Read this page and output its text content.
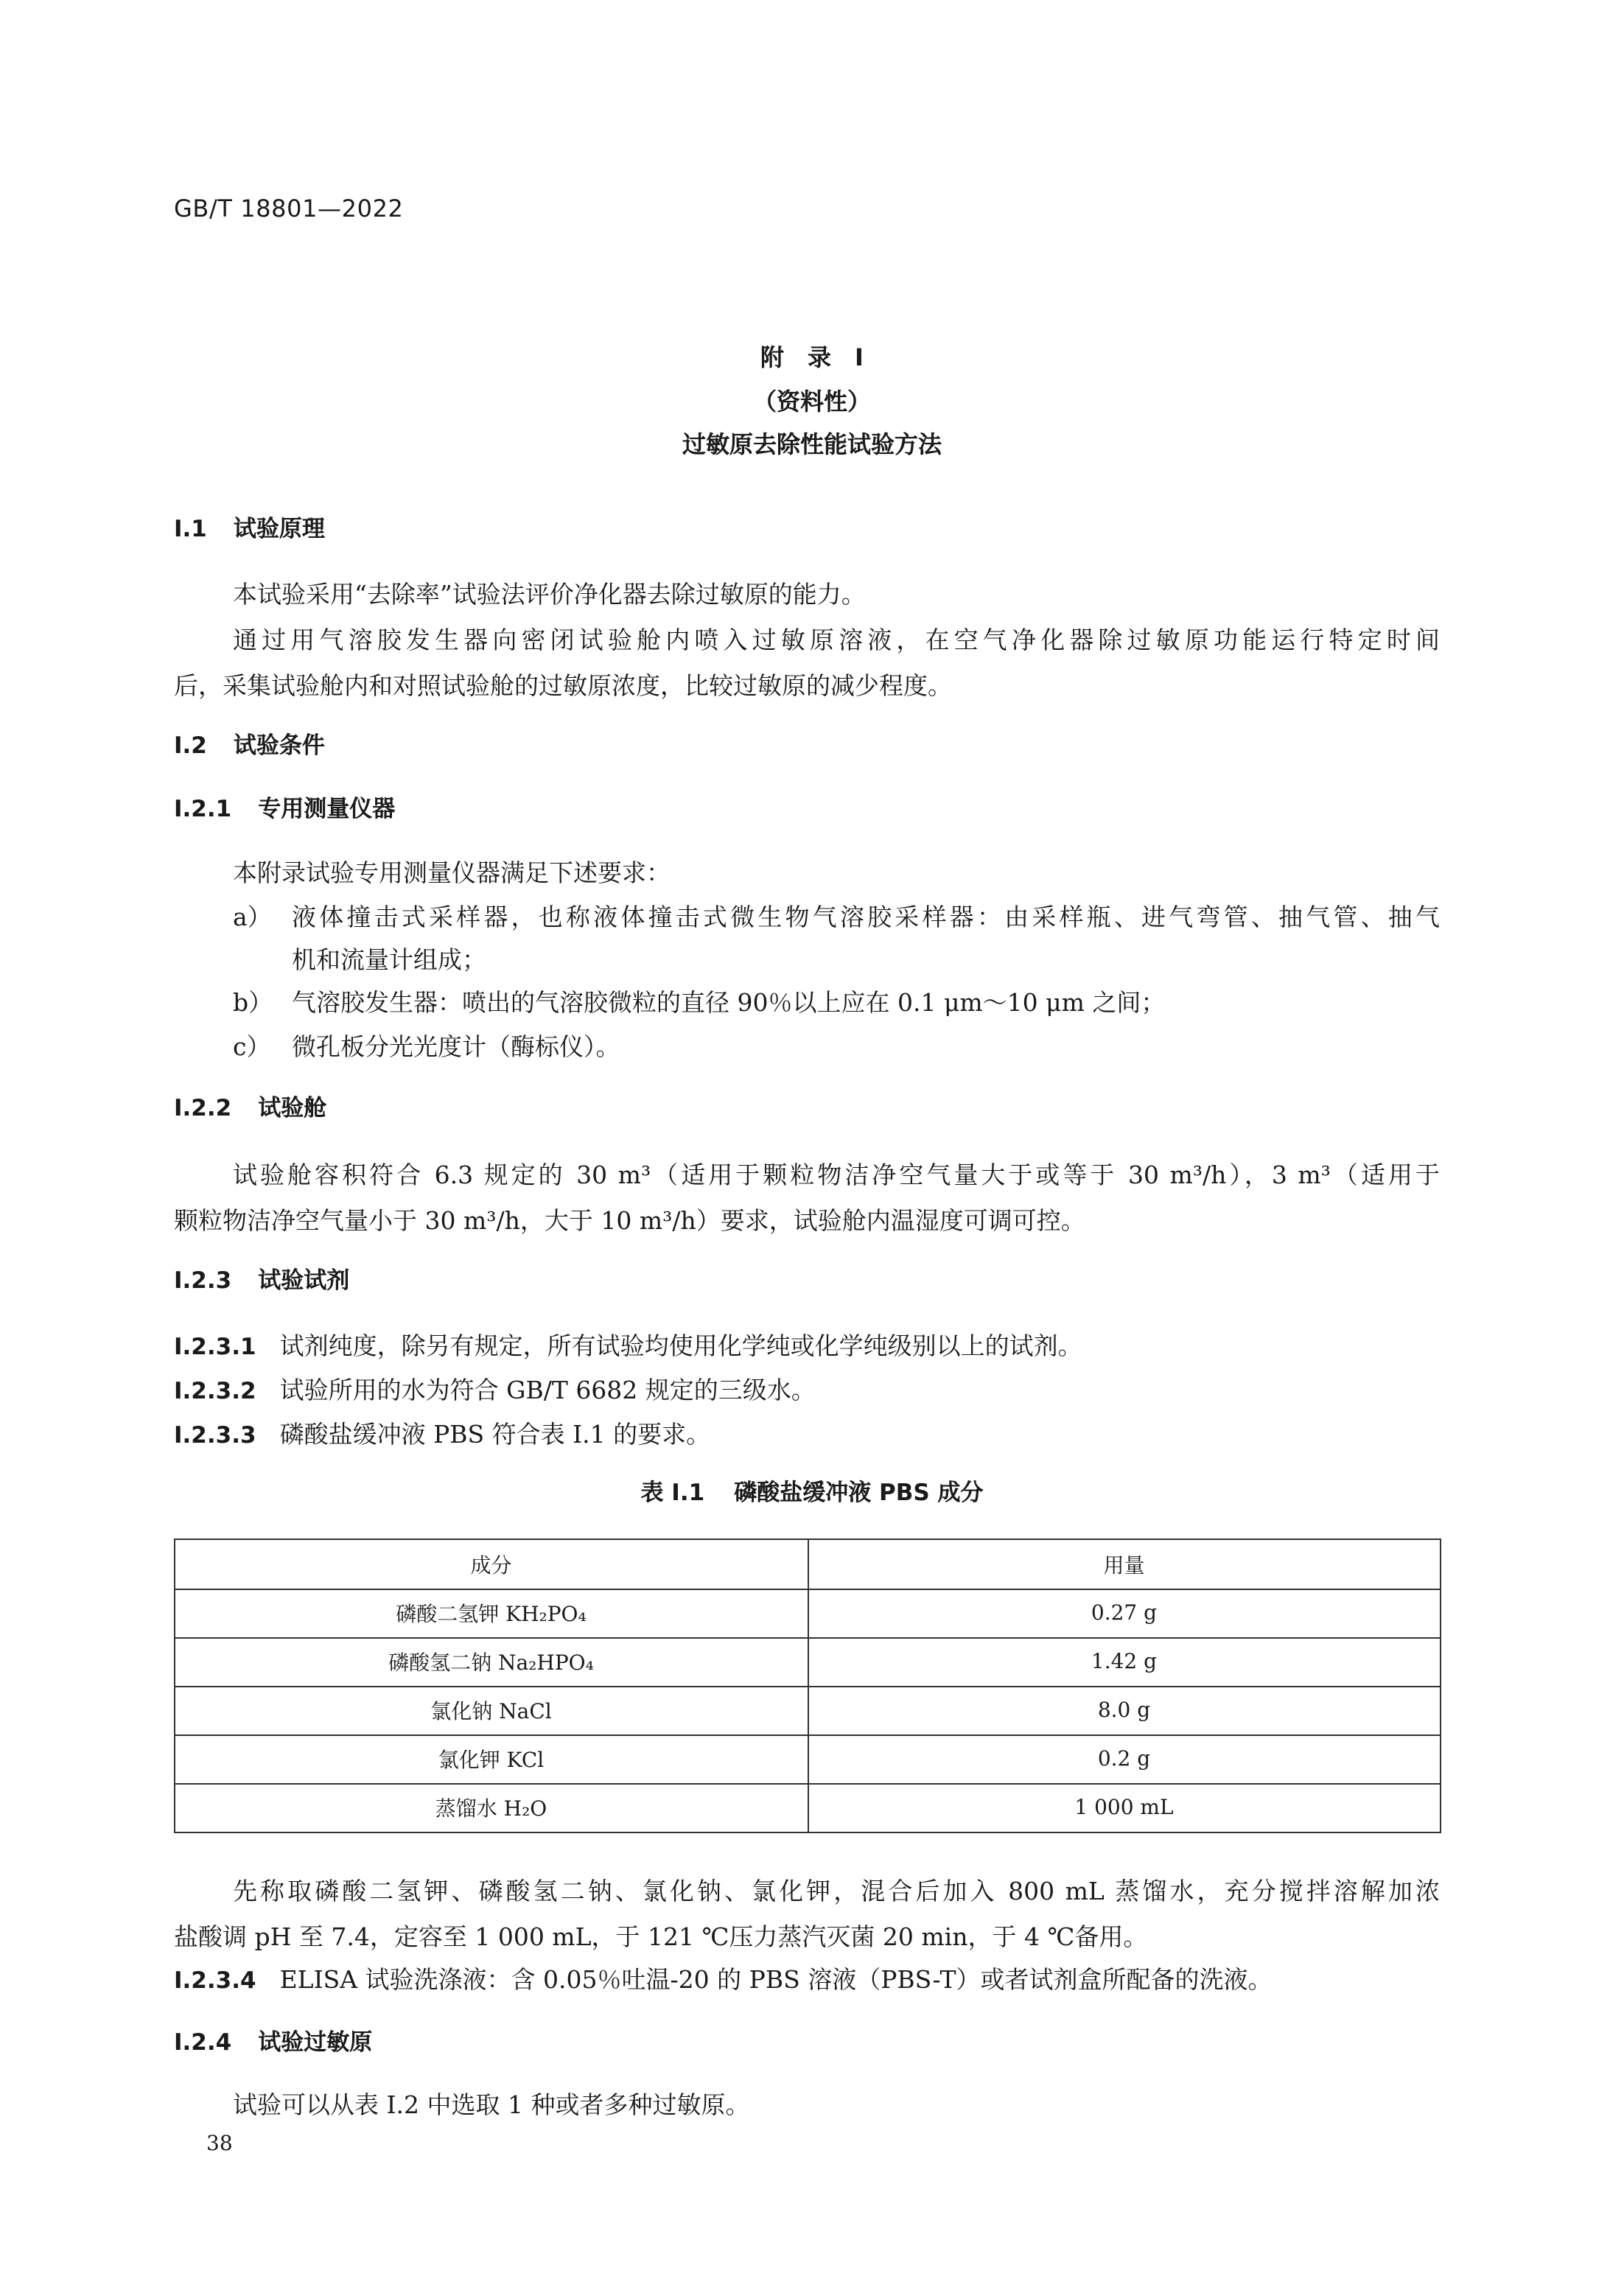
GB/T 18801—2022
附　录　I
（资料性）
过敏原去除性能试验方法
I.1 试验原理
本试验采用“去除率”试验法评价净化器去除过敏原的能力。
通过用气溶胶发生器向密闭试验舱内喷入过敏原溶液，在空气净化器除过敏原功能运行特定时间
后，采集试验舱内和对照试验舱的过敏原浓度，比较过敏原的减少程度。
I.2 试验条件
I.2.1 专用测量仪器
本附录试验专用测量仪器满足下述要求：
a） 液体撞击式采样器，也称液体撞击式微生物气溶胶采样器：由采样瓶、进气弯管、抽气管、抽气
机和流量计组成；
b） 气溶胶发生器：喷出的气溶胶微粒的直径 90％以上应在 0.1 μm～10 μm 之间；
c） 微孔板分光光度计（酶标仪）。
I.2.2 试验舱
试验舱容积符合 6.3 规定的 30 m³（适用于颗粒物洁净空气量大于或等于 30 m³/h），3 m³（适用于
颗粒物洁净空气量小于 30 m³/h，大于 10 m³/h）要求，试验舱内温湿度可调可控。
I.2.3 试验试剂
I.2.3.1 试剂纯度，除另有规定，所有试验均使用化学纯或化学纯级别以上的试剂。
I.2.3.2 试验所用的水为符合 GB/T 6682 规定的三级水。
I.2.3.3 磷酸盐缓冲液 PBS 符合表 I.1 的要求。
表 I.1	磷酸盐缓冲液 PBS 成分
成分	用量
磷酸二氢钾 KH₂PO₄	0.27 g
磷酸氢二钠 Na₂HPO₄	1.42 g
氯化钠 NaCl	8.0 g
氯化钾 KCl	0.2 g
蒸馏水 H₂O	1 000 mL
先称取磷酸二氢钾、磷酸氢二钠、氯化钠、氯化钾，混合后加入 800 mL 蒸馏水，充分搅拌溶解加浓
盐酸调 pH 至 7.4，定容至 1 000 mL，于 121 ℃压力蒸汽灭菌 20 min，于 4 ℃备用。
I.2.3.4 ELISA 试验洗涤液：含 0.05％吐温-20 的 PBS 溶液（PBS-T）或者试剂盒所配备的洗液。
I.2.4 试验过敏原
试验可以从表 I.2 中选取 1 种或者多种过敏原。
38
